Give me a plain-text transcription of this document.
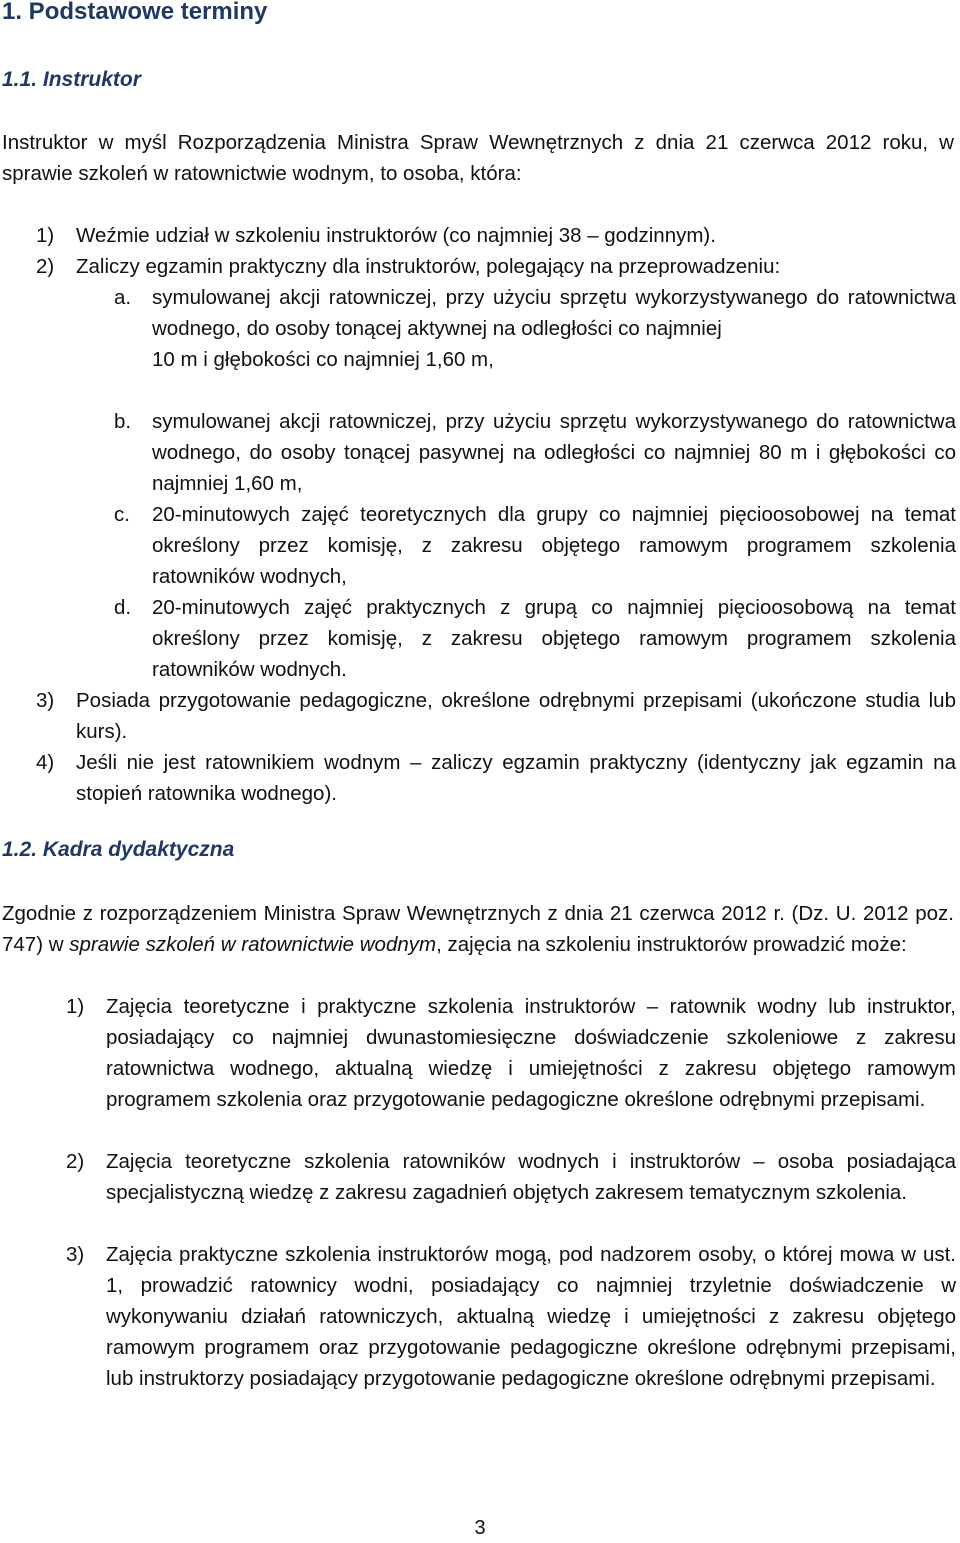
1. Podstawowe terminy
1.1. Instruktor

Instruktor w myśl Rozporządzenia Ministra Spraw Wewnętrznych z dnia 21 czerwca 2012 roku, w sprawie szkoleń w ratownictwie wodnym, to osoba, która:

1) Weźmie udział w szkoleniu instruktorów (co najmniej 38 – godzinnym).
2) Zaliczy egzamin praktyczny dla instruktorów, polegający na przeprowadzeniu:
a. symulowanej akcji ratowniczej, przy użyciu sprzętu wykorzystywanego do ratownictwa wodnego, do osoby tonącej aktywnej na odległości co najmniej
10 m i głębokości co najmniej 1,60 m,
b. symulowanej akcji ratowniczej, przy użyciu sprzętu wykorzystywanego do ratownictwa wodnego, do osoby tonącej pasywnej na odległości co najmniej 80 m i głębokości co najmniej 1,60 m,
c. 20-minutowych zajęć teoretycznych dla grupy co najmniej pięcioosobowej na temat określony przez komisję, z zakresu objętego ramowym programem szkolenia ratowników wodnych,
d. 20-minutowych zajęć praktycznych z grupą co najmniej pięcioosobową na temat określony przez komisję, z zakresu objętego ramowym programem szkolenia ratowników wodnych.
3) Posiada przygotowanie pedagogiczne, określone odrębnymi przepisami (ukończone studia lub kurs).
4) Jeśli nie jest ratownikiem wodnym – zaliczy egzamin praktyczny (identyczny jak egzamin na stopień ratownika wodnego).
1.2. Kadra dydaktyczna

Zgodnie z rozporządzeniem Ministra Spraw Wewnętrznych z dnia 21 czerwca 2012 r. (Dz. U. 2012 poz. 747) w sprawie szkoleń w ratownictwie wodnym, zajęcia na szkoleniu instruktorów prowadzić może:

1) Zajęcia teoretyczne i praktyczne szkolenia instruktorów – ratownik wodny lub instruktor, posiadający co najmniej dwunastomiesięczne doświadczenie szkoleniowe z zakresu ratownictwa wodnego, aktualną wiedzę i umiejętności z zakresu objętego ramowym programem szkolenia oraz przygotowanie pedagogiczne określone odrębnymi przepisami.
2) Zajęcia teoretyczne szkolenia ratowników wodnych i instruktorów – osoba posiadająca specjalistyczną wiedzę z zakresu zagadnień objętych zakresem tematycznym szkolenia.
3) Zajęcia praktyczne szkolenia instruktorów mogą, pod nadzorem osoby, o której mowa w ust. 1, prowadzić ratownicy wodni, posiadający co najmniej trzyletnie doświadczenie w wykonywaniu działań ratowniczych, aktualną wiedzę i umiejętności z zakresu objętego ramowym programem oraz przygotowanie pedagogiczne określone odrębnymi przepisami, lub instruktorzy posiadający przygotowanie pedagogiczne określone odrębnymi przepisami.
3
